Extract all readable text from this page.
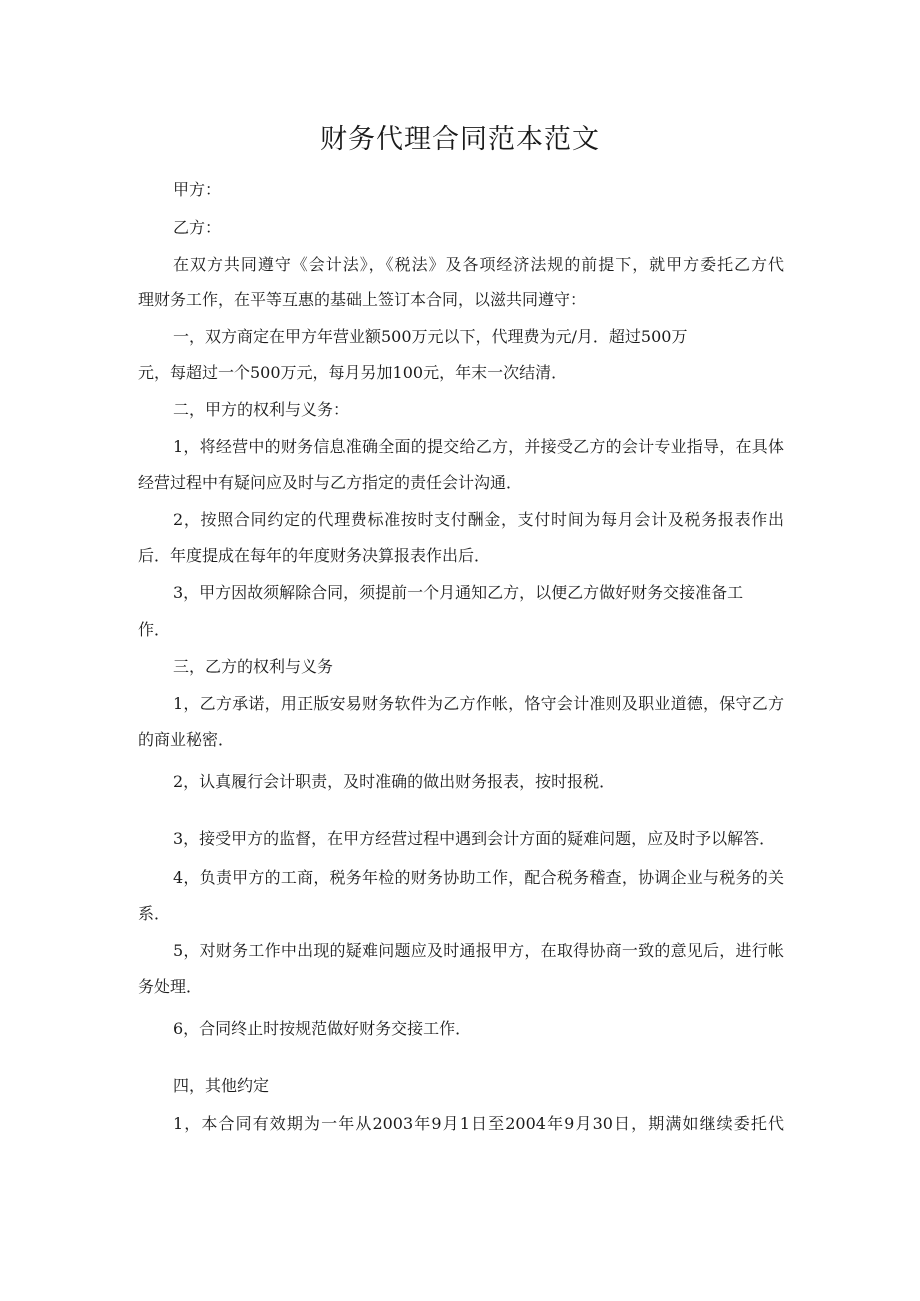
财务代理合同范本范文
甲方：
乙方：
在双方共同遵守《会计法》，《税法》及各项经济法规的前提下，就甲方委托乙方代
理财务工作，在平等互惠的基础上签订本合同，以滋共同遵守：
一，双方商定在甲方年营业额500万元以下，代理费为元/月．超过500万
元，每超过一个500万元，每月另加100元，年末一次结清．
二，甲方的权利与义务：
1，将经营中的财务信息准确全面的提交给乙方，并接受乙方的会计专业指导，在具体
经营过程中有疑问应及时与乙方指定的责任会计沟通．
2，按照合同约定的代理费标准按时支付酬金，支付时间为每月会计及税务报表作出
后．年度提成在每年的年度财务决算报表作出后．
3，甲方因故须解除合同，须提前一个月通知乙方，以便乙方做好财务交接准备工
作．
三，乙方的权利与义务
1，乙方承诺，用正版安易财务软件为乙方作帐，恪守会计准则及职业道德，保守乙方
的商业秘密．
2，认真履行会计职责，及时准确的做出财务报表，按时报税．
3，接受甲方的监督，在甲方经营过程中遇到会计方面的疑难问题，应及时予以解答．
4，负责甲方的工商，税务年检的财务协助工作，配合税务稽查，协调企业与税务的关
系．
5，对财务工作中出现的疑难问题应及时通报甲方，在取得协商一致的意见后，进行帐
务处理．
6，合同终止时按规范做好财务交接工作．
四，其他约定
1，本合同有效期为一年从2003年9月1日至2004年9月30日，期满如继续委托代
